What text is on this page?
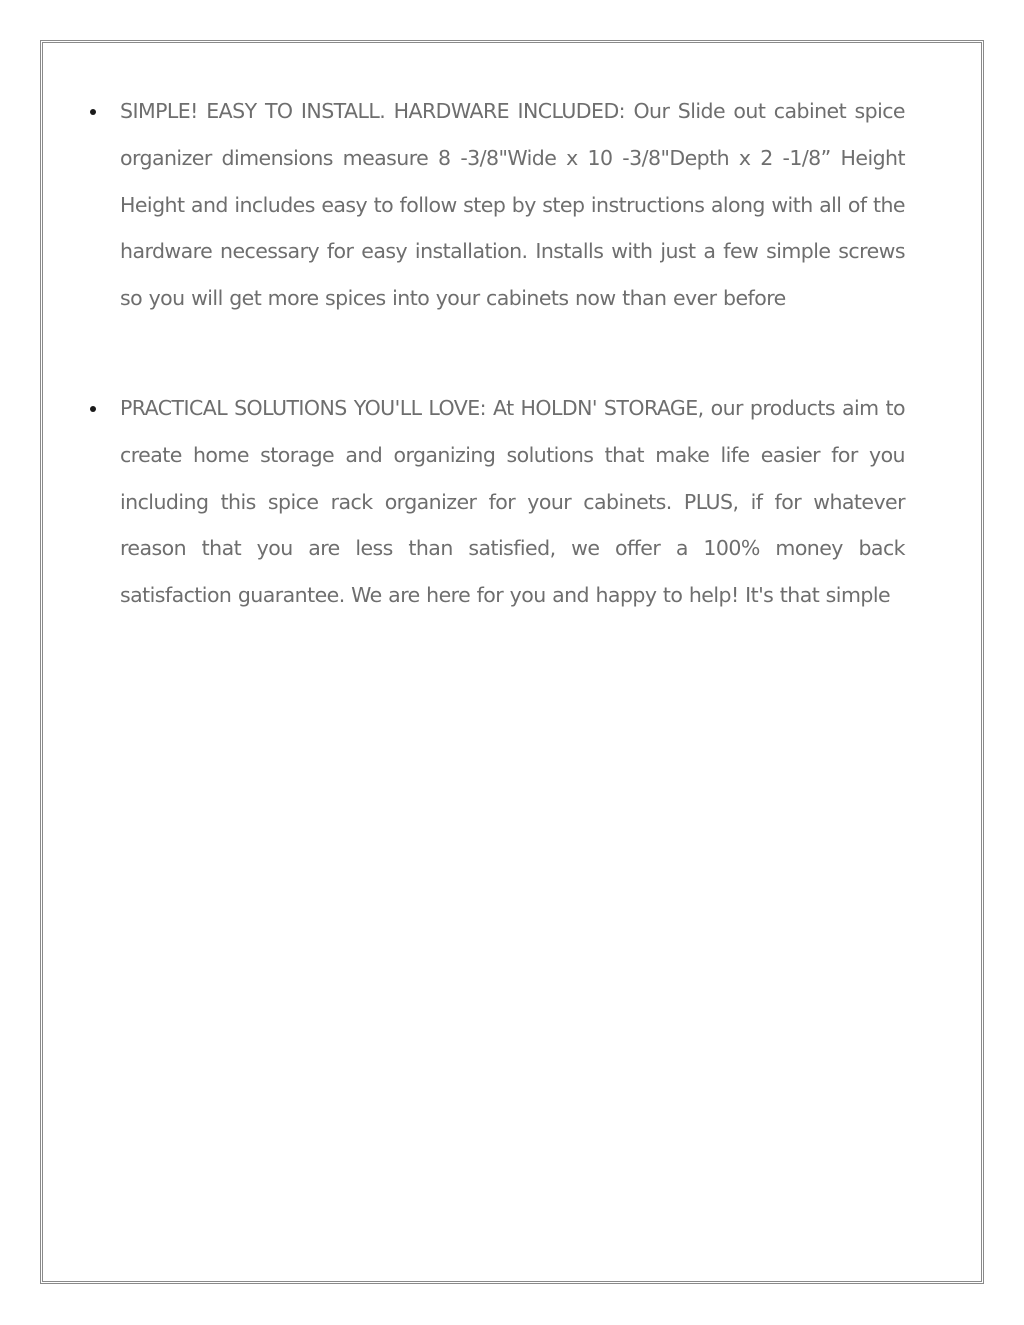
SIMPLE! EASY TO INSTALL. HARDWARE INCLUDED: Our Slide out cabinet spice organizer dimensions measure 8 -3/8"Wide x 10 -3/8"Depth x 2 -1/8” Height Height and includes easy to follow step by step instructions along with all of the hardware necessary for easy installation. Installs with just a few simple screws so you will get more spices into your cabinets now than ever before
PRACTICAL SOLUTIONS YOU'LL LOVE: At HOLDN' STORAGE, our products aim to create home storage and organizing solutions that make life easier for you including this spice rack organizer for your cabinets. PLUS, if for whatever reason that you are less than satisfied, we offer a 100% money back satisfaction guarantee. We are here for you and happy to help! It's that simple
